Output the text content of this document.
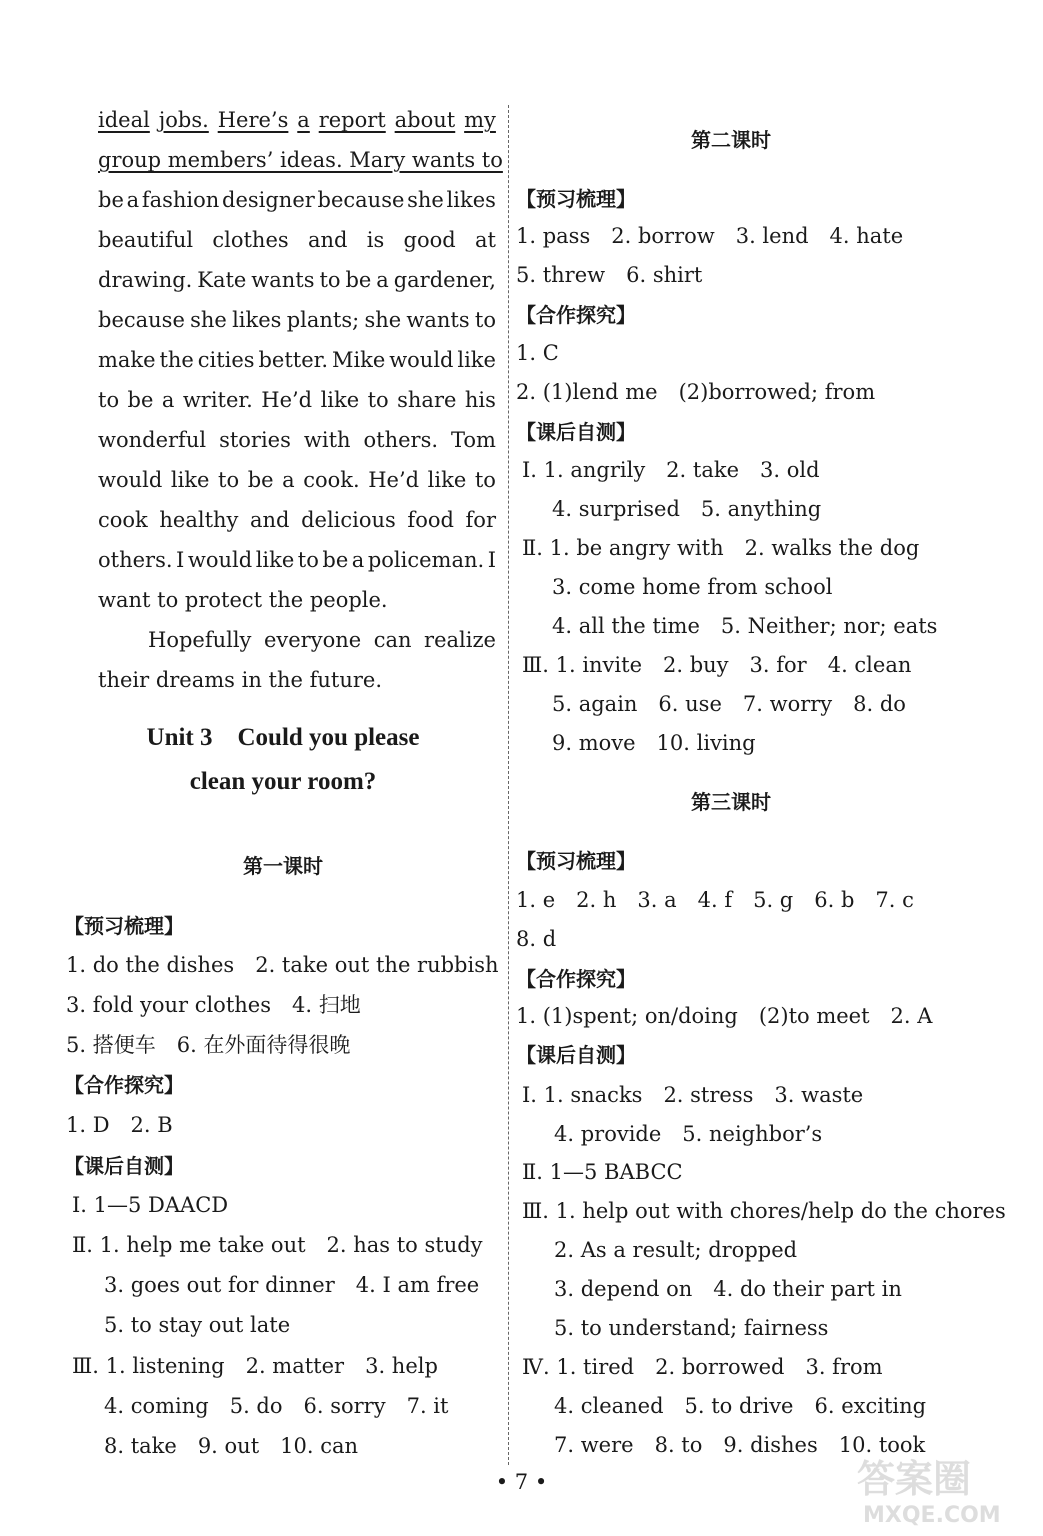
ideal jobs. Here’s a report about my
group members’ ideas. Mary wants to
be a fashion designer because she likes
beautiful clothes and is good at
drawing. Kate wants to be a gardener,
because she likes plants; she wants to
make the cities better. Mike would like
to be a writer. He’d like to share his
wonderful stories with others. Tom
would like to be a cook. He’d like to
cook healthy and delicious food for
others. I would like to be a policeman. I
want to protect the people.
Hopefully everyone can realize
their dreams in the future.
Unit 3　Could you please
clean your room?
第一课时
【预习梳理】
1. do the dishes　2. take out the rubbish
3. fold your clothes　4. 扫地
5. 搭便车　6. 在外面待得很晚
【合作探究】
1. D　2. B
【课后自测】
Ⅰ. 1—5 DAACD
Ⅱ. 1. help me take out　2. has to study
3. goes out for dinner　4. I am free
5. to stay out late
Ⅲ. 1. listening　2. matter　3. help
4. coming　5. do　6. sorry　7. it
8. take　9. out　10. can
第二课时
【预习梳理】
1. pass　2. borrow　3. lend　4. hate
5. threw　6. shirt
【合作探究】
1. C
2. (1)lend me　(2)borrowed; from
【课后自测】
Ⅰ. 1. angrily　2. take　3. old
4. surprised　5. anything
Ⅱ. 1. be angry with　2. walks the dog
3. come home from school
4. all the time　5. Neither; nor; eats
Ⅲ. 1. invite　2. buy　3. for　4. clean
5. again　6. use　7. worry　8. do
9. move　10. living
第三课时
【预习梳理】
1. e　2. h　3. a　4. f　5. g　6. b　7. c
8. d
【合作探究】
1. (1)spent; on/doing　(2)to meet　2. A
【课后自测】
Ⅰ. 1. snacks　2. stress　3. waste
4. provide　5. neighbor’s
Ⅱ. 1—5 BABCC
Ⅲ. 1. help out with chores/help do the chores
2. As a result; dropped
3. depend on　4. do their part in
5. to understand; fairness
Ⅳ. 1. tired　2. borrowed　3. from
4. cleaned　5. to drive　6. exciting
7. were　8. to　9. dishes　10. took
• 7 •	答案圈
MXQE.COM
